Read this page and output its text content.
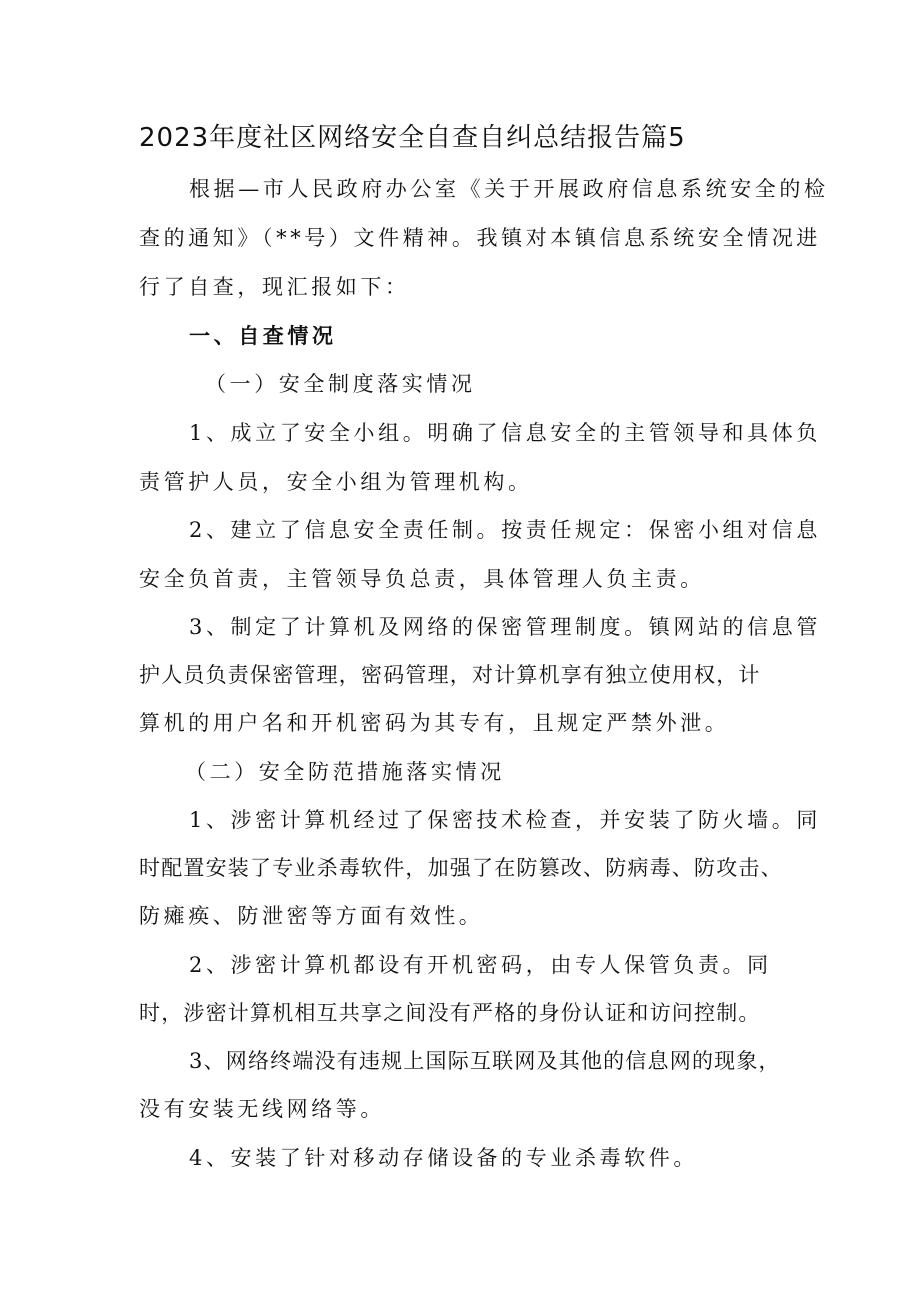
2023年度社区网络安全自查自纠总结报告篇5
根据—市人民政府办公室《关于开展政府信息系统安全的检
查的通知》（**号）文件精神。我镇对本镇信息系统安全情况进
行了自查，现汇报如下：
一、自查情况
（一）安全制度落实情况
1、成立了安全小组。明确了信息安全的主管领导和具体负
责管护人员，安全小组为管理机构。
2、建立了信息安全责任制。按责任规定：保密小组对信息
安全负首责，主管领导负总责，具体管理人负主责。
3、制定了计算机及网络的保密管理制度。镇网站的信息管
护人员负责保密管理，密码管理，对计算机享有独立使用权，计
算机的用户名和开机密码为其专有，且规定严禁外泄。
（二）安全防范措施落实情况
1、涉密计算机经过了保密技术检查，并安装了防火墙。同
时配置安装了专业杀毒软件，加强了在防篡改、防病毒、防攻击、
防瘫痪、防泄密等方面有效性。
2、涉密计算机都设有开机密码，由专人保管负责。同
时，涉密计算机相互共享之间没有严格的身份认证和访问控制。
3、网络终端没有违规上国际互联网及其他的信息网的现象，
没有安装无线网络等。
4、安装了针对移动存储设备的专业杀毒软件。
